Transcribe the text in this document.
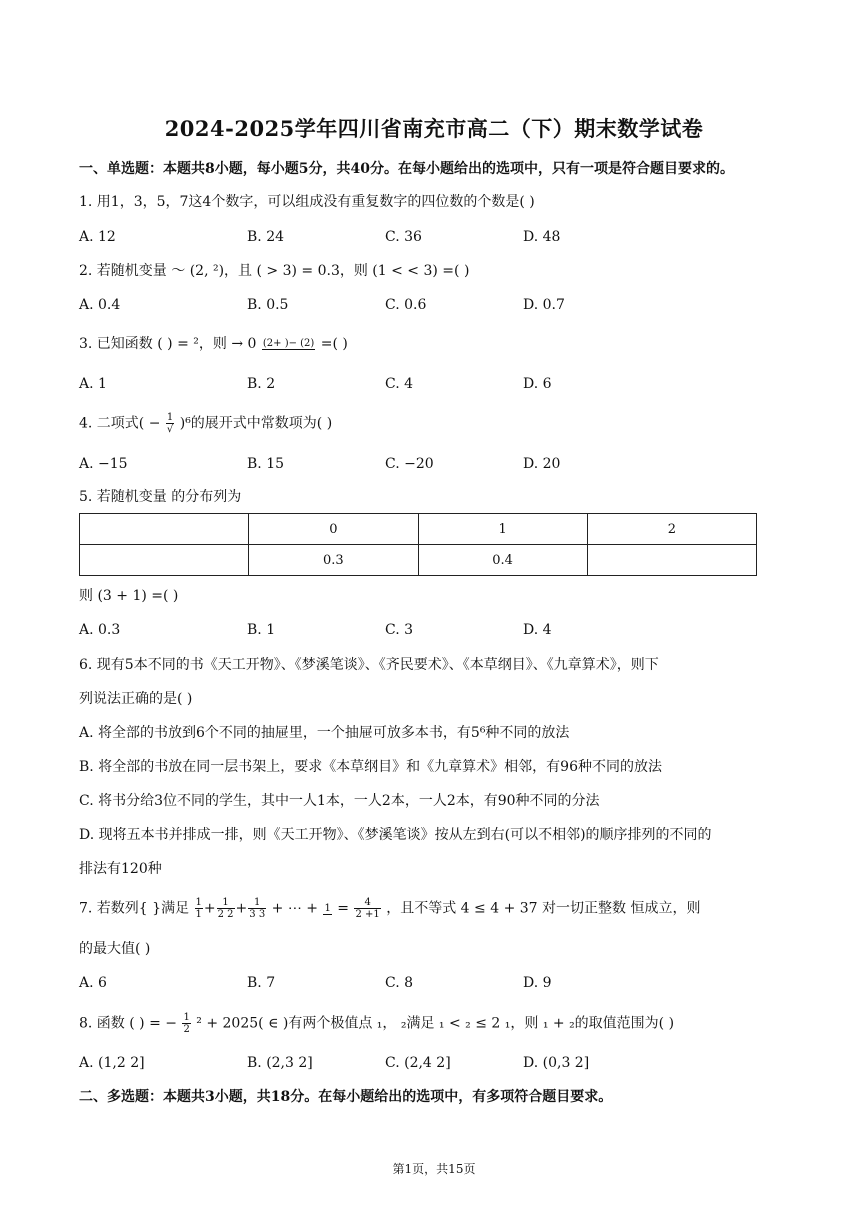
2024-2025学年四川省南充市高二（下）期末数学试卷
一、单选题：本题共8小题，每小题5分，共40分。在每小题给出的选项中，只有一项是符合题目要求的。
1. 用1，3，5，7这4个数字，可以组成没有重复数字的四位数的个数是( )
A. 12	B. 24	C. 36	D. 48
2. 若随机变量 ～ (2, ²)，且 ( > 3) = 0.3，则 (1 < < 3) =( )
A. 0.4	B. 0.5	C. 0.6	D. 0.7
3. 已知函数 ( ) = ²，则 → 0 (2+ )− (2) =( )
A. 1	B. 2	C. 4	D. 6
4. 二项式( − $\frac{1}{√} )^6$的展开式中常数项为( )
A. −15	B. 15	C. −20	D. 20
5. 若随机变量 的分布列为
	0	1	2
	0.3	0.4	
则 (3 + 1) =( )
A. 0.3	B. 1	C. 3	D. 4
6. 现有5本不同的书《天工开物》、《梦溪笔谈》、《齐民要术》、《本草纲目》、《九章算术》，则下
列说法正确的是( )
A. 将全部的书放到6个不同的抽屉里，一个抽屉可放多本书，有5⁶种不同的放法
B. 将全部的书放在同一层书架上，要求《本草纲目》和《九章算术》相邻，有96种不同的放法
C. 将书分给3位不同的学生，其中一人1本，一人2本，一人2本，有90种不同的分法
D. 现将五本书并排成一排，则《天工开物》、《梦溪笔谈》按从左到右(可以不相邻)的顺序排列的不同的
排法有120种
7. 若数列{ }满足 $\frac{1}{1} + \frac{1}{2 2} + \frac{1}{3 3}$ + ⋯ + $1 = \frac{4}{2 +1}$ ，且不等式 4 ≤ 4 + 37 对一切正整数 恒成立，则
的最大值( )
A. 6	B. 7	C. 8	D. 9
8. 函数 ( ) = − $\frac{1}{2} ^2 + 2025$( ∈ )有两个极值点 ₁， ₂满足 ₁ < ₂ ≤ 2 ₁，则 ₁ + ₂的取值范围为( )
A. (1,2 2]	B. (2,3 2]	C. (2,4 2]	D. (0,3 2]
二、多选题：本题共3小题，共18分。在每小题给出的选项中，有多项符合题目要求。
第1页，共15页
